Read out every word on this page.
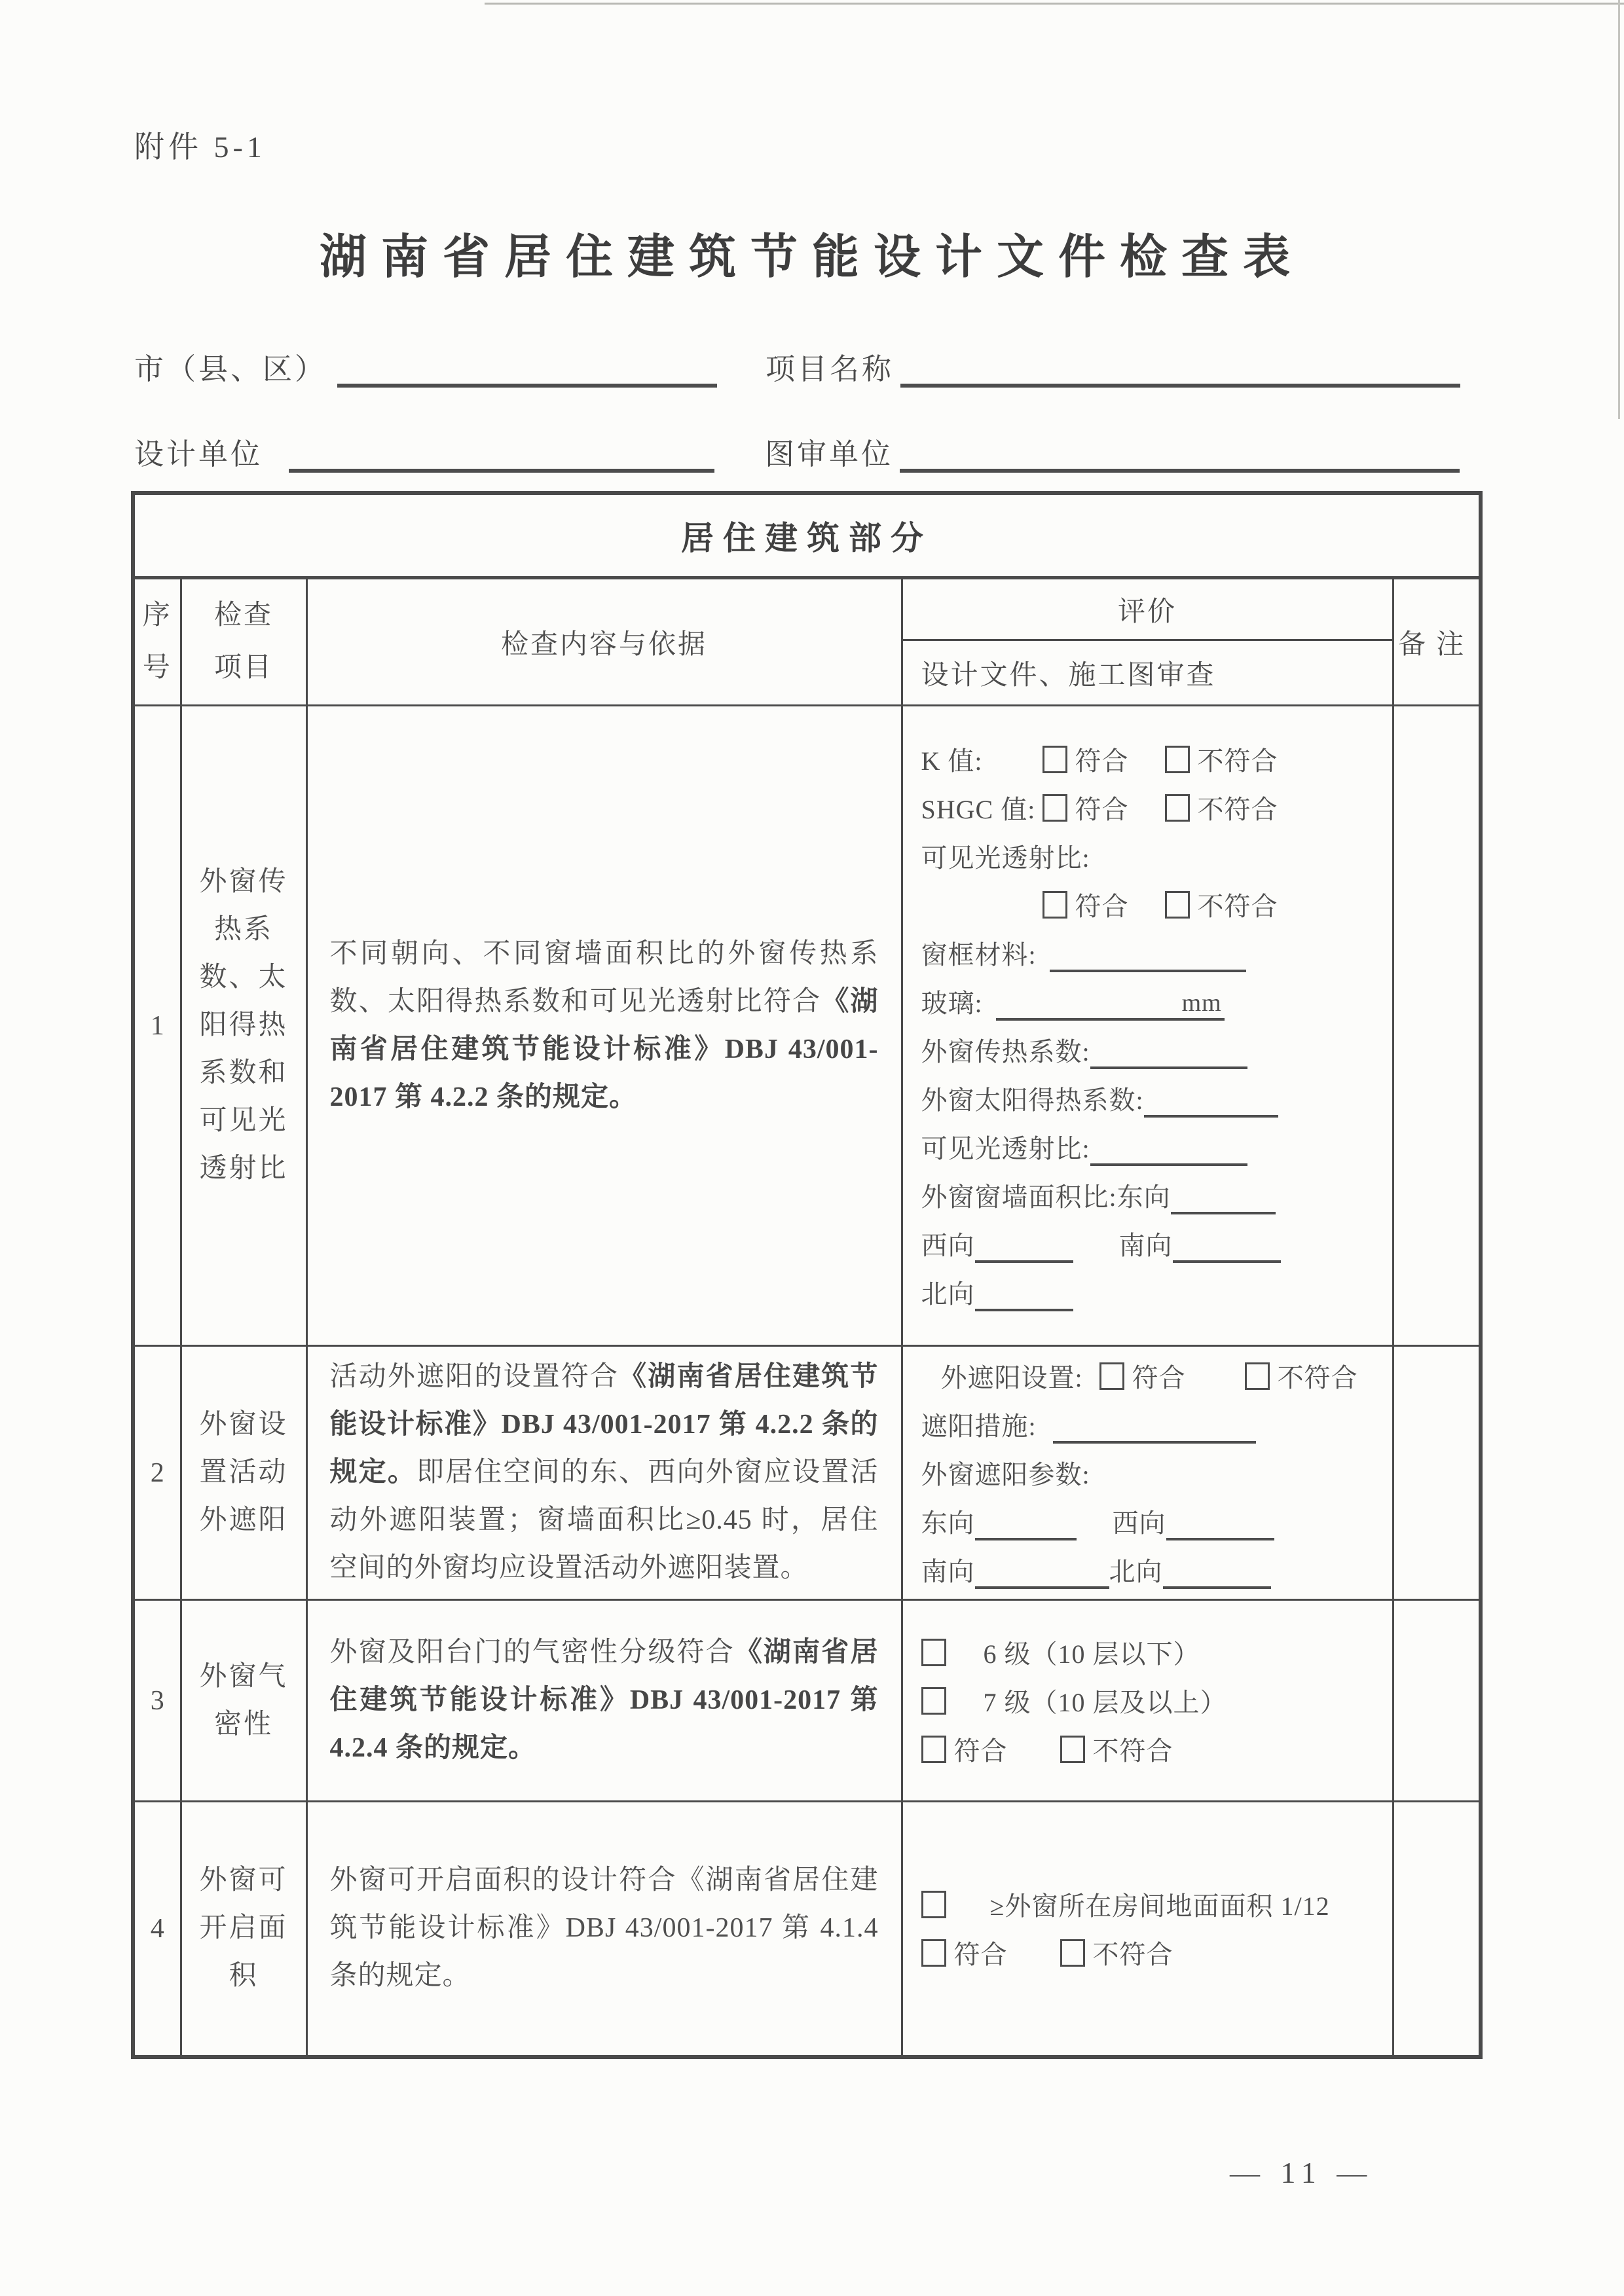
附件 5-1
湖南省居住建筑节能设计文件检查表
市（县、区）	项目名称
设计单位	图审单位
居住建筑部分				
序号	检查项目	检查内容与依据	评价	备注
			设计文件、施工图审查	
1	外窗传热系数、太阳得热系数和可见光透射比	不同朝向、不同窗墙面积比的外窗传热系数、太阳得热系数和可见光透射比符合《湖南省居住建筑节能设计标准》DBJ 43/001-2017 第 4.2.2 条的规定。	
K 值:	符合	不符合
SHGC 值: 符合	不符合
可见光透射比:
符合	不符合
窗框材料:
玻璃:	mm
外窗传热系数:
外窗太阳得热系数:
可见光透射比:
外窗窗墙面积比:东向
西向	南向
北向

2	外窗设置活动外遮阳	活动外遮阳的设置符合《湖南省居住建筑节能设计标准》DBJ 43/001-2017 第 4.2.2 条的规定。即居住空间的东、西向外窗应设置活动外遮阳装置；窗墙面积比≥0.45 时，居住空间的外窗均应设置活动外遮阳装置。	
外遮阳设置: 符合	不符合
遮阳措施:
外窗遮阳参数:
东向	西向
南向	北向

3	外窗气密性	外窗及阳台门的气密性分级符合《湖南省居住建筑节能设计标准》DBJ 43/001-2017 第 4.2.4 条的规定。	6 级（10 层以下）
7 级（10 层及以上）
符合 不符合	

4	外窗可开启面积	外窗可开启面积的设计符合《湖南省居住建筑节能设计标准》DBJ 43/001-2017 第 4.1.4 条的规定。	≥外窗所在房间地面面积 1/12
符合 不符合	

— 11 —
